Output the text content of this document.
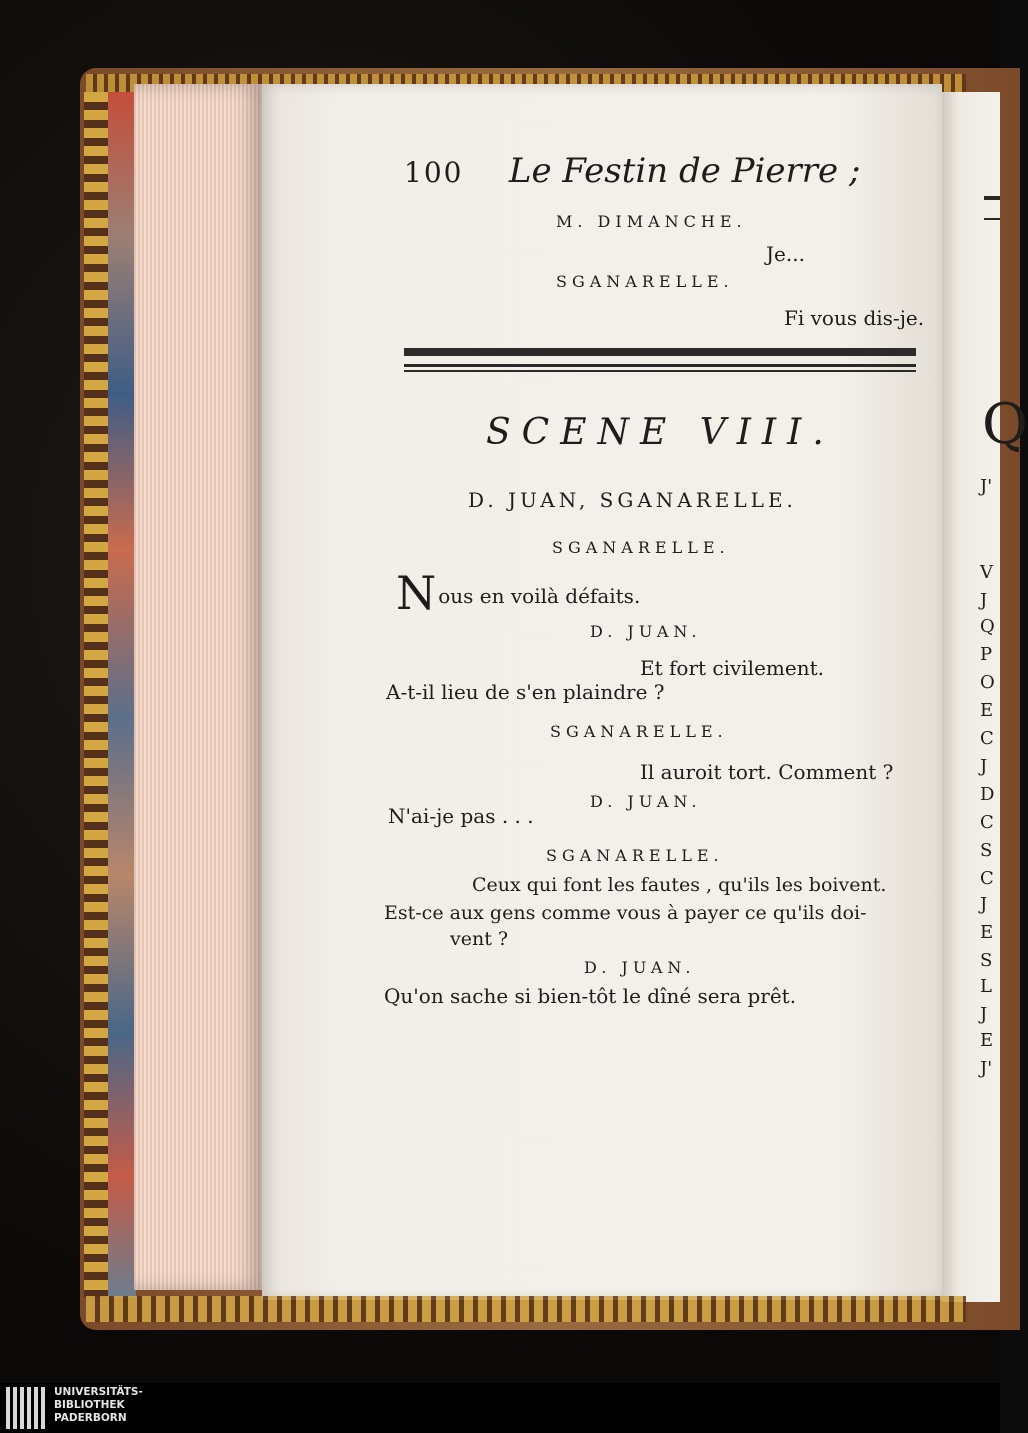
Q
J'
V
J
Q
P
O
E
C
J
D
C
S
C
J
E
S
L
J
E
J'
100 Le Festin de Pierre ;
M. DIMANCHE.
Je...
SGANARELLE.
Fi vous dis-je.
SCENE VIII.
D. JUAN, SGANARELLE.
SGANARELLE.
Nous en voilà défaits.
D. JUAN.
Et fort civilement.
A-t-il lieu de s'en plaindre ?
SGANARELLE.
Il auroit tort. Comment ?
D. JUAN.
N'ai-je pas . . .
SGANARELLE.
Ceux qui font les fautes , qu'ils les boivent.
Est-ce aux gens comme vous à payer ce qu'ils doi-
vent ?
D. JUAN.
Qu'on sache si bien-tôt le dîné sera prêt.
UNIVERSITÄTS-
BIBLIOTHEK
PADERBORN
